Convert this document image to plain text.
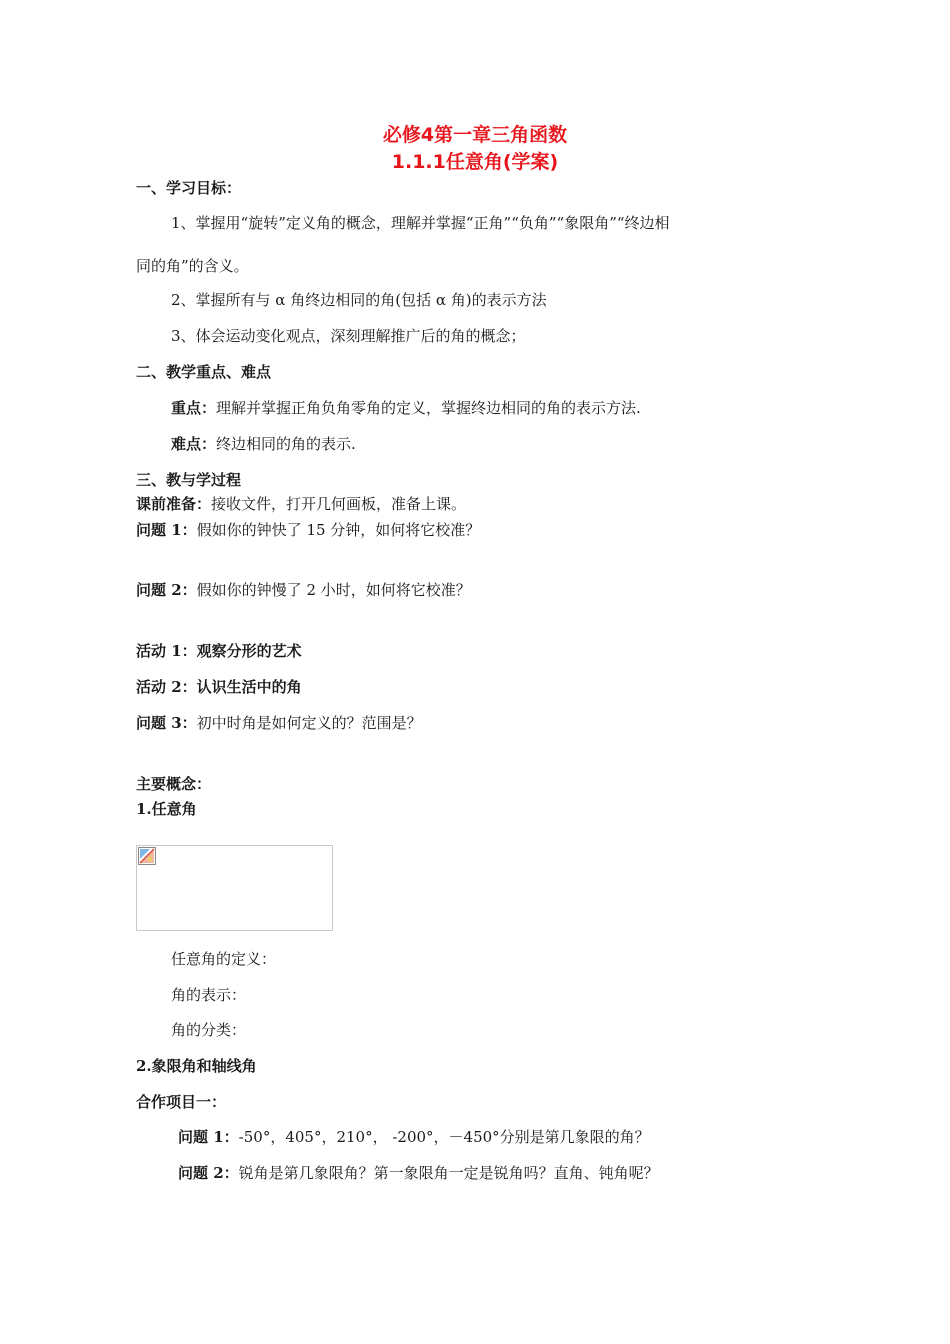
必修4第一章三角函数
1.1.1任意角(学案)
一、学习目标：
1、掌握用“旋转”定义角的概念，理解并掌握“正角”“负角”“象限角”“终边相
同的角”的含义。
2、掌握所有与 α 角终边相同的角(包括 α 角)的表示方法
3、体会运动变化观点，深刻理解推广后的角的概念；
二、教学重点、难点
重点：理解并掌握正角负角零角的定义，掌握终边相同的角的表示方法.
难点：终边相同的角的表示.
三、教与学过程
课前准备：接收文件，打开几何画板，准备上课。
问题 1：假如你的钟快了 15 分钟，如何将它校准？
问题 2：假如你的钟慢了 2 小时，如何将它校准？
活动 1：观察分形的艺术
活动 2：认识生活中的角
问题 3：初中时角是如何定义的？范围是？
主要概念：
1.任意角
任意角的定义：
角的表示：
角的分类：
2.象限角和轴线角
合作项目一：
问题 1：-50°，405°，210°， -200°，－450°分别是第几象限的角？
问题 2：锐角是第几象限角？第一象限角一定是锐角吗？直角、钝角呢？
